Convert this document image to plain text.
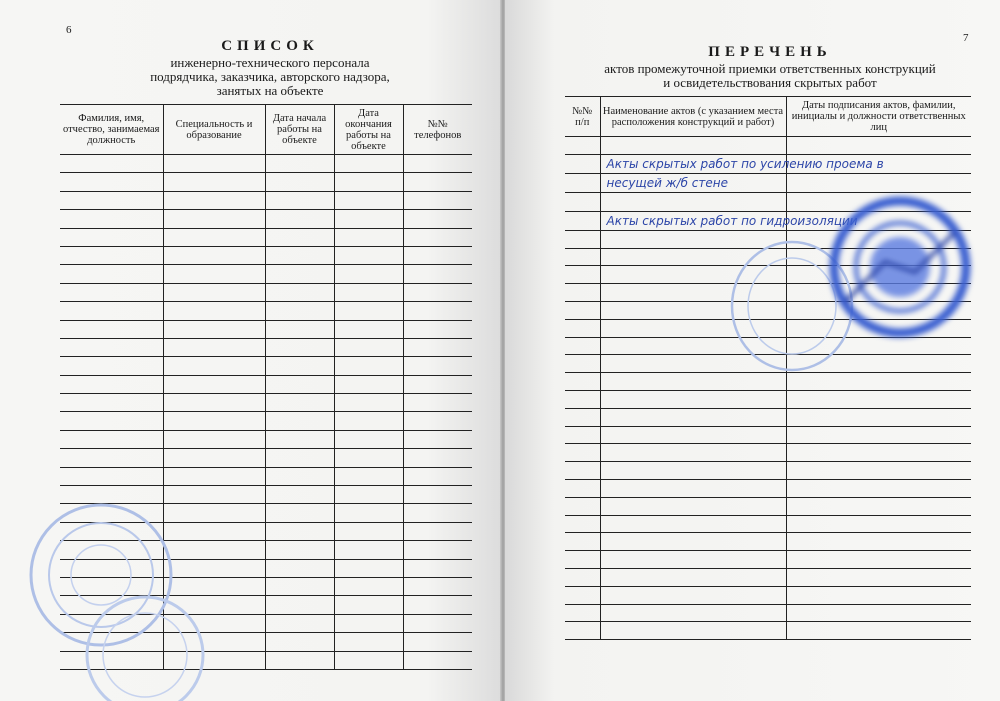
6
СПИСОК
инженерно-технического персонала
подрядчика, заказчика, авторского надзора,
занятых на объекте
Фамилия, имя, отчество, занимаемая должность	Специальность и образование	Дата начала работы на объекте	Дата окончания работы на объекте	№№ телефонов

7
ПЕРЕЧЕНЬ
актов промежуточной приемки ответственных конструкций
и освидетельствования скрытых работ
№№ п/п	Наименование актов (с указанием места расположения конструкций и работ)	Даты подписания актов, фамилии, инициалы и должности ответственных лиц

	Акты скрытых работ по усилению проема в	
	несущей ж/б стене	

	Акты скрытых работ по гидроизоляции	
